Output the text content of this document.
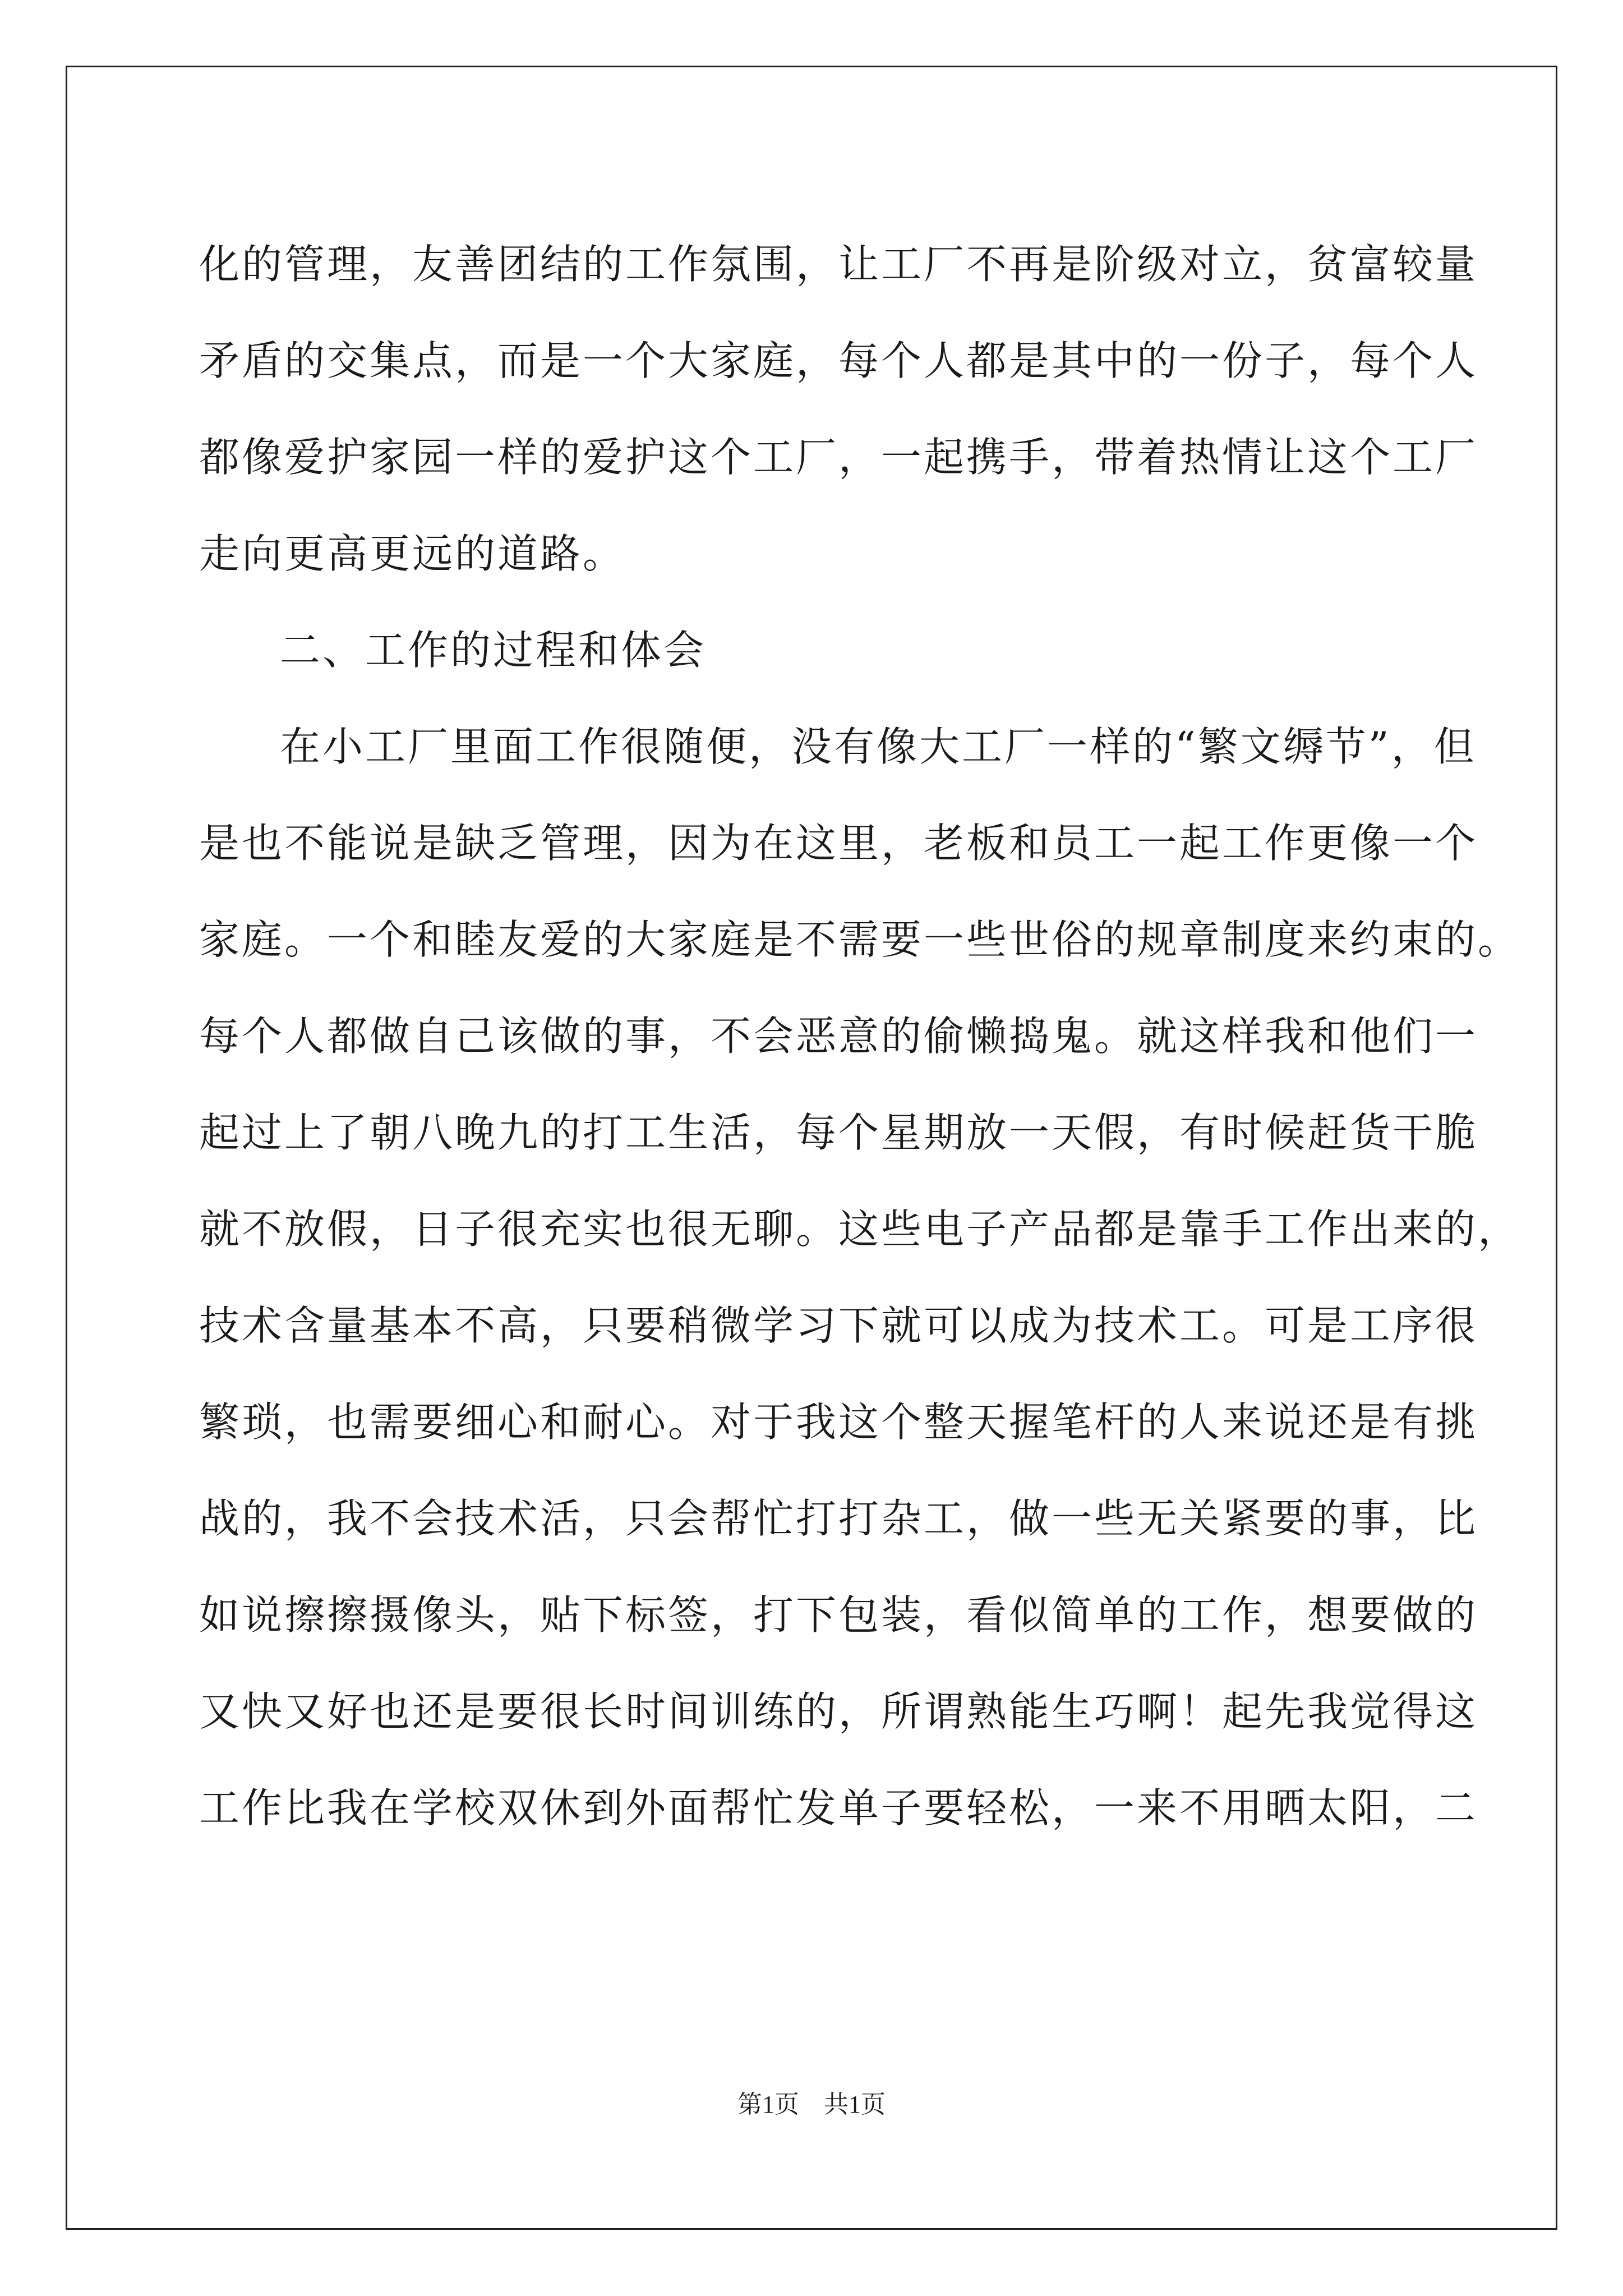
化的管理，友善团结的工作氛围，让工厂不再是阶级对立，贫富较量
矛盾的交集点，而是一个大家庭，每个人都是其中的一份子，每个人
都像爱护家园一样的爱护这个工厂，一起携手，带着热情让这个工厂
走向更高更远的道路。
二、工作的过程和体会
在小工厂里面工作很随便，没有像大工厂一样的“繁文缛节”，但
是也不能说是缺乏管理，因为在这里，老板和员工一起工作更像一个
家庭。一个和睦友爱的大家庭是不需要一些世俗的规章制度来约束的。
每个人都做自己该做的事，不会恶意的偷懒捣鬼。就这样我和他们一
起过上了朝八晚九的打工生活，每个星期放一天假，有时候赶货干脆
就不放假，日子很充实也很无聊。这些电子产品都是靠手工作出来的，
技术含量基本不高，只要稍微学习下就可以成为技术工。可是工序很
繁琐，也需要细心和耐心。对于我这个整天握笔杆的人来说还是有挑
战的，我不会技术活，只会帮忙打打杂工，做一些无关紧要的事，比
如说擦擦摄像头，贴下标签，打下包装，看似简单的工作，想要做的
又快又好也还是要很长时间训练的，所谓熟能生巧啊！起先我觉得这
工作比我在学校双休到外面帮忙发单子要轻松，一来不用晒太阳，二
第1页　共1页
